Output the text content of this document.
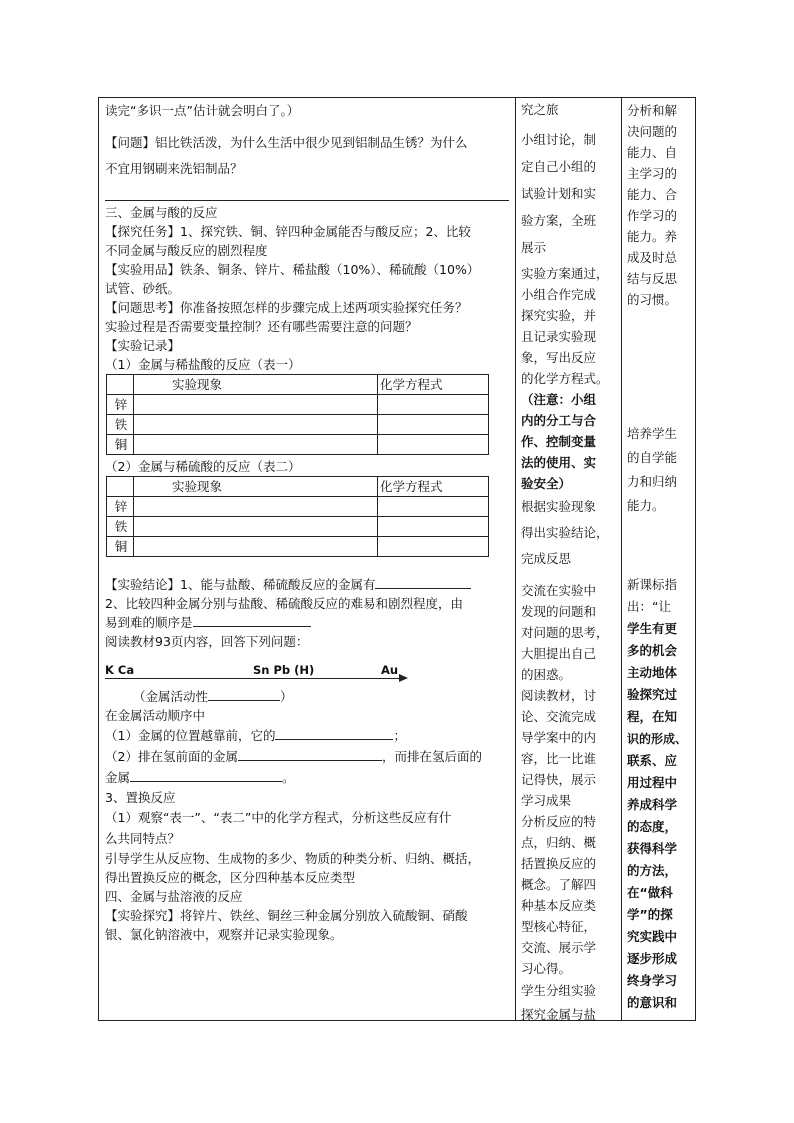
读完“多识一点”估计就会明白了。）

【问题】铝比铁活泼，为什么生活中很少见到铝制品生锈？为什么

不宜用钢刷来洗铝制品？

三、金属与酸的反应

【探究任务】1、探究铁、铜、锌四种金属能否与酸反应；2、比较

不同金属与酸反应的剧烈程度

【实验用品】铁条、铜条、锌片、稀盐酸（10%）、稀硫酸（10%）

试管、砂纸。

【问题思考】你准备按照怎样的步骤完成上述两项实验探究任务？

实验过程是否需要变量控制？还有哪些需要注意的问题？

【实验记录】

（1）金属与稀盐酸的反应（表一）

	实验现象	化学方程式
锌		
铁		
铜		

（2）金属与稀硫酸的反应（表二）

	实验现象	化学方程式
锌		
铁		
铜		

【实验结论】1、能与盐酸、稀硫酸反应的金属有

2、比较四种金属分别与盐酸、稀硫酸反应的难易和剧烈程度，由

易到难的顺序是

阅读教材93页内容，回答下列问题：

K Ca	Sn Pb (H)	Au

（金属活动性	）

在金属活动顺序中

（1）金属的位置越靠前，它的	；

（2）排在氢前面的金属	，而排在氢后面的

金属	。

3、置换反应

（1）观察“表一”、“表二”中的化学方程式，分析这些反应有什

么共同特点？

引导学生从反应物、生成物的多少、物质的种类分析、归纳、概括，

得出置换反应的概念，区分四种基本反应类型

四、金属与盐溶液的反应

【实验探究】将锌片、铁丝、铜丝三种金属分别放入硫酸铜、硝酸

银、氯化钠溶液中，观察并记录实验现象。

究之旅

小组讨论，制

定自己小组的

试验计划和实

验方案，全班

展示

实验方案通过，

小组合作完成

探究实验，并

且记录实验现

象，写出反应

的化学方程式。

（注意：小组

内的分工与合

作、控制变量

法的使用、实

验安全）

根据实验现象

得出实验结论，

完成反思

交流在实验中

发现的问题和

对问题的思考，

大胆提出自己

的困惑。

阅读教材，讨

论、交流完成

导学案中的内

容，比一比谁

记得快，展示

学习成果

分析反应的特

点，归纳、概

括置换反应的

概念。了解四

种基本反应类

型核心特征，

交流、展示学

习心得。

学生分组实验

探究金属与盐

分析和解

决问题的

能力、自

主学习的

能力、合

作学习的

能力。养

成及时总

结与反思

的习惯。

培养学生

的自学能

力和归纳

能力。

新课标指

出：“让

学生有更

多的机会

主动地体

验探究过

程，在知

识的形成、

联系、应

用过程中

养成科学

的态度，

获得科学

的方法，

在“做科

学”的探

究实践中

逐步形成

终身学习

的意识和
